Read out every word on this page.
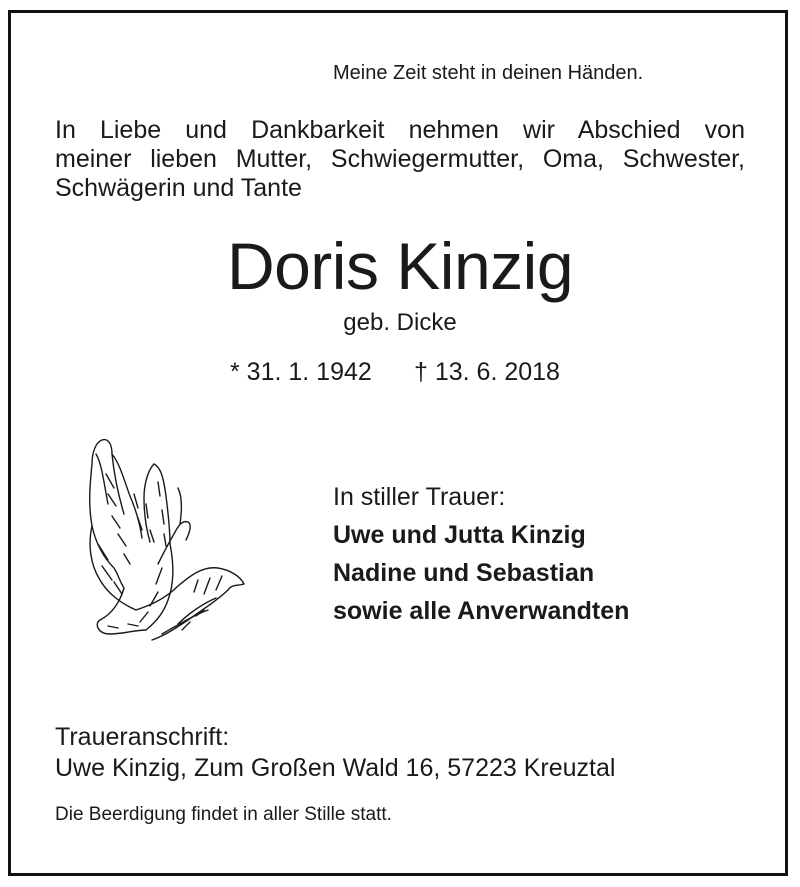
Meine Zeit steht in deinen Händen.
In Liebe und Dankbarkeit nehmen wir Abschied von
meiner lieben Mutter, Schwiegermutter, Oma, Schwester,
Schwägerin und Tante
Doris Kinzig
geb. Dicke
* 31. 1. 1942 † 13. 6. 2018
In stiller Trauer:
Uwe und Jutta Kinzig
Nadine und Sebastian
sowie alle Anverwandten
Traueranschrift:
Uwe Kinzig, Zum Großen Wald 16, 57223 Kreuztal
Die Beerdigung findet in aller Stille statt.
